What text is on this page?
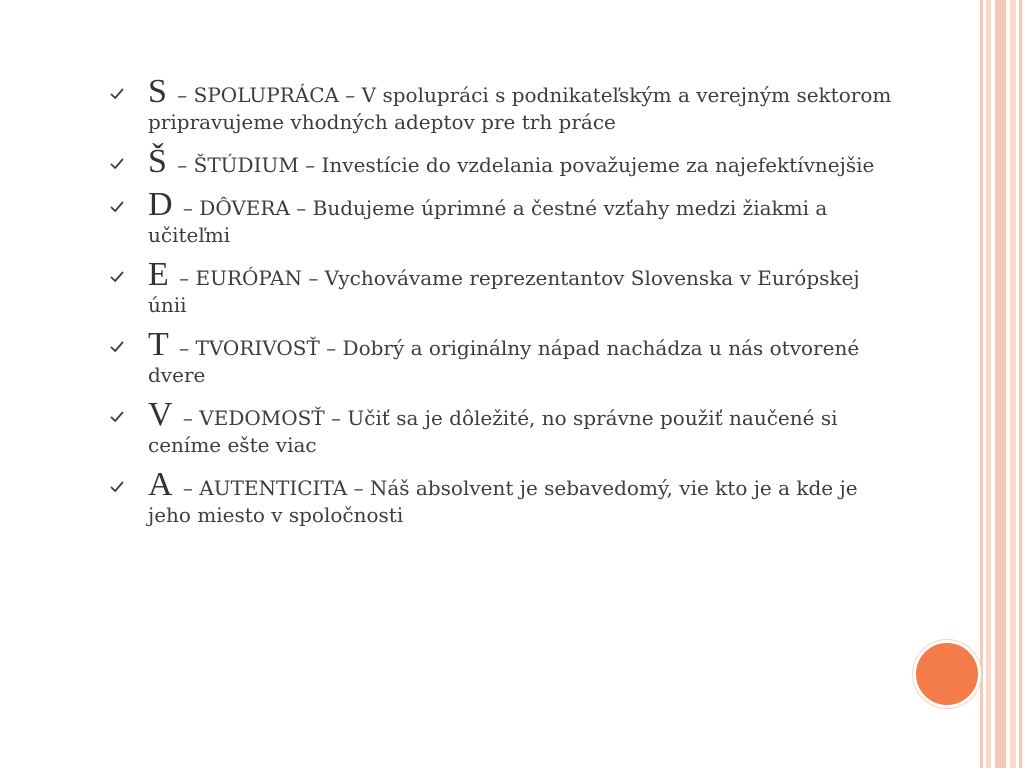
S – SPOLUPRÁCA – V spolupráci s podnikateľským a verejným sektorom pripravujeme vhodných adeptov pre trh práce
Š – ŠTÚDIUM – Investície do vzdelania považujeme za najefektívnejšie
D – DÔVERA – Budujeme úprimné a čestné vzťahy medzi žiakmi a učiteľmi
E – EURÓPAN – Vychovávame reprezentantov Slovenska v Európskej únii
T – TVORIVOSŤ – Dobrý a originálny nápad nachádza u nás otvorené dvere
V – VEDOMOSŤ – Učiť sa je dôležité, no správne použiť naučené si ceníme ešte viac
A – AUTENTICITA – Náš absolvent je sebavedomý, vie kto je a kde je jeho miesto v spoločnosti
